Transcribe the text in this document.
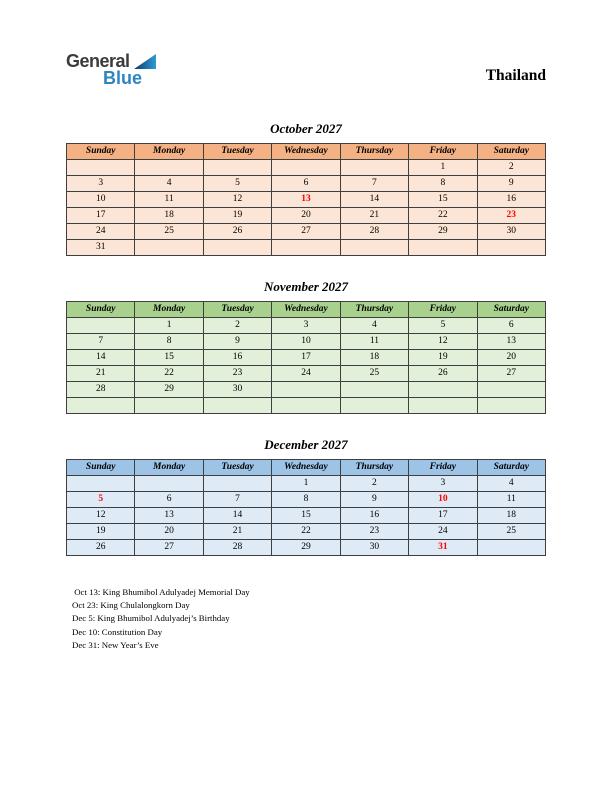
General
Blue	Thailand
October 2027
Sunday	Monday	Tuesday	Wednesday	Thursday	Friday	Saturday
					1	2
3	4	5	6	7	8	9
10	11	12	13	14	15	16
17	18	19	20	21	22	23
24	25	26	27	28	29	30
31						
November 2027
Sunday	Monday	Tuesday	Wednesday	Thursday	Friday	Saturday
	1	2	3	4	5	6
7	8	9	10	11	12	13
14	15	16	17	18	19	20
21	22	23	24	25	26	27
28	29	30				

December 2027
Sunday	Monday	Tuesday	Wednesday	Thursday	Friday	Saturday
			1	2	3	4
5	6	7	8	9	10	11
12	13	14	15	16	17	18
19	20	21	22	23	24	25
26	27	28	29	30	31	
Oct 13: King Bhumibol Adulyadej Memorial Day
Oct 23: King Chulalongkorn Day
Dec 5: King Bhumibol Adulyadej’s Birthday
Dec 10: Constitution Day
Dec 31: New Year’s Eve
